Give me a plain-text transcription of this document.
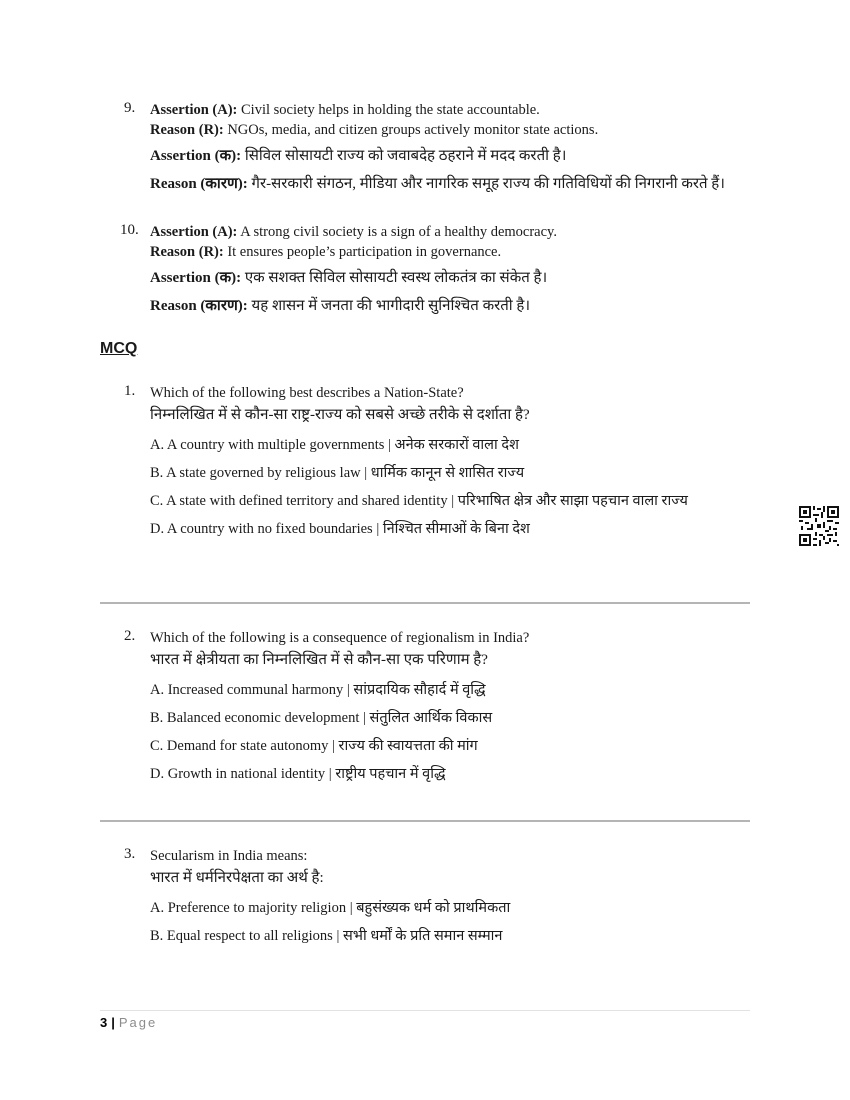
9. Assertion (A): Civil society helps in holding the state accountable.
Reason (R): NGOs, media, and citizen groups actively monitor state actions.
Assertion (क): सिविल सोसायटी राज्य को जवाबदेह ठहराने में मदद करती है।
Reason (कारण): गैर-सरकारी संगठन, मीडिया और नागरिक समूह राज्य की गतिविधियों की निगरानी करते हैं।
10. Assertion (A): A strong civil society is a sign of a healthy democracy.
Reason (R): It ensures people’s participation in governance.
Assertion (क): एक सशक्त सिविल सोसायटी स्वस्थ लोकतंत्र का संकेत है।
Reason (कारण): यह शासन में जनता की भागीदारी सुनिश्चित करती है।
MCQ
1. Which of the following best describes a Nation-State?
निम्नलिखित में से कौन-सा राष्ट्र-राज्य को सबसे अच्छे तरीके से दर्शाता है?
A. A country with multiple governments | अनेक सरकारों वाला देश
B. A state governed by religious law | धार्मिक कानून से शासित राज्य
C. A state with defined territory and shared identity | परिभाषित क्षेत्र और साझा पहचान वाला राज्य
D. A country with no fixed boundaries | निश्चित सीमाओं के बिना देश
2. Which of the following is a consequence of regionalism in India?
भारत में क्षेत्रीयता का निम्नलिखित में से कौन-सा एक परिणाम है?
A. Increased communal harmony | सांप्रदायिक सौहार्द में वृद्धि
B. Balanced economic development | संतुलित आर्थिक विकास
C. Demand for state autonomy | राज्य की स्वायत्तता की मांग
D. Growth in national identity | राष्ट्रीय पहचान में वृद्धि
3. Secularism in India means:
भारत में धर्मनिरपेक्षता का अर्थ है:
A. Preference to majority religion | बहुसंख्यक धर्म को प्राथमिकता
B. Equal respect to all religions | सभी धर्मों के प्रति समान सम्मान
3 | Page
